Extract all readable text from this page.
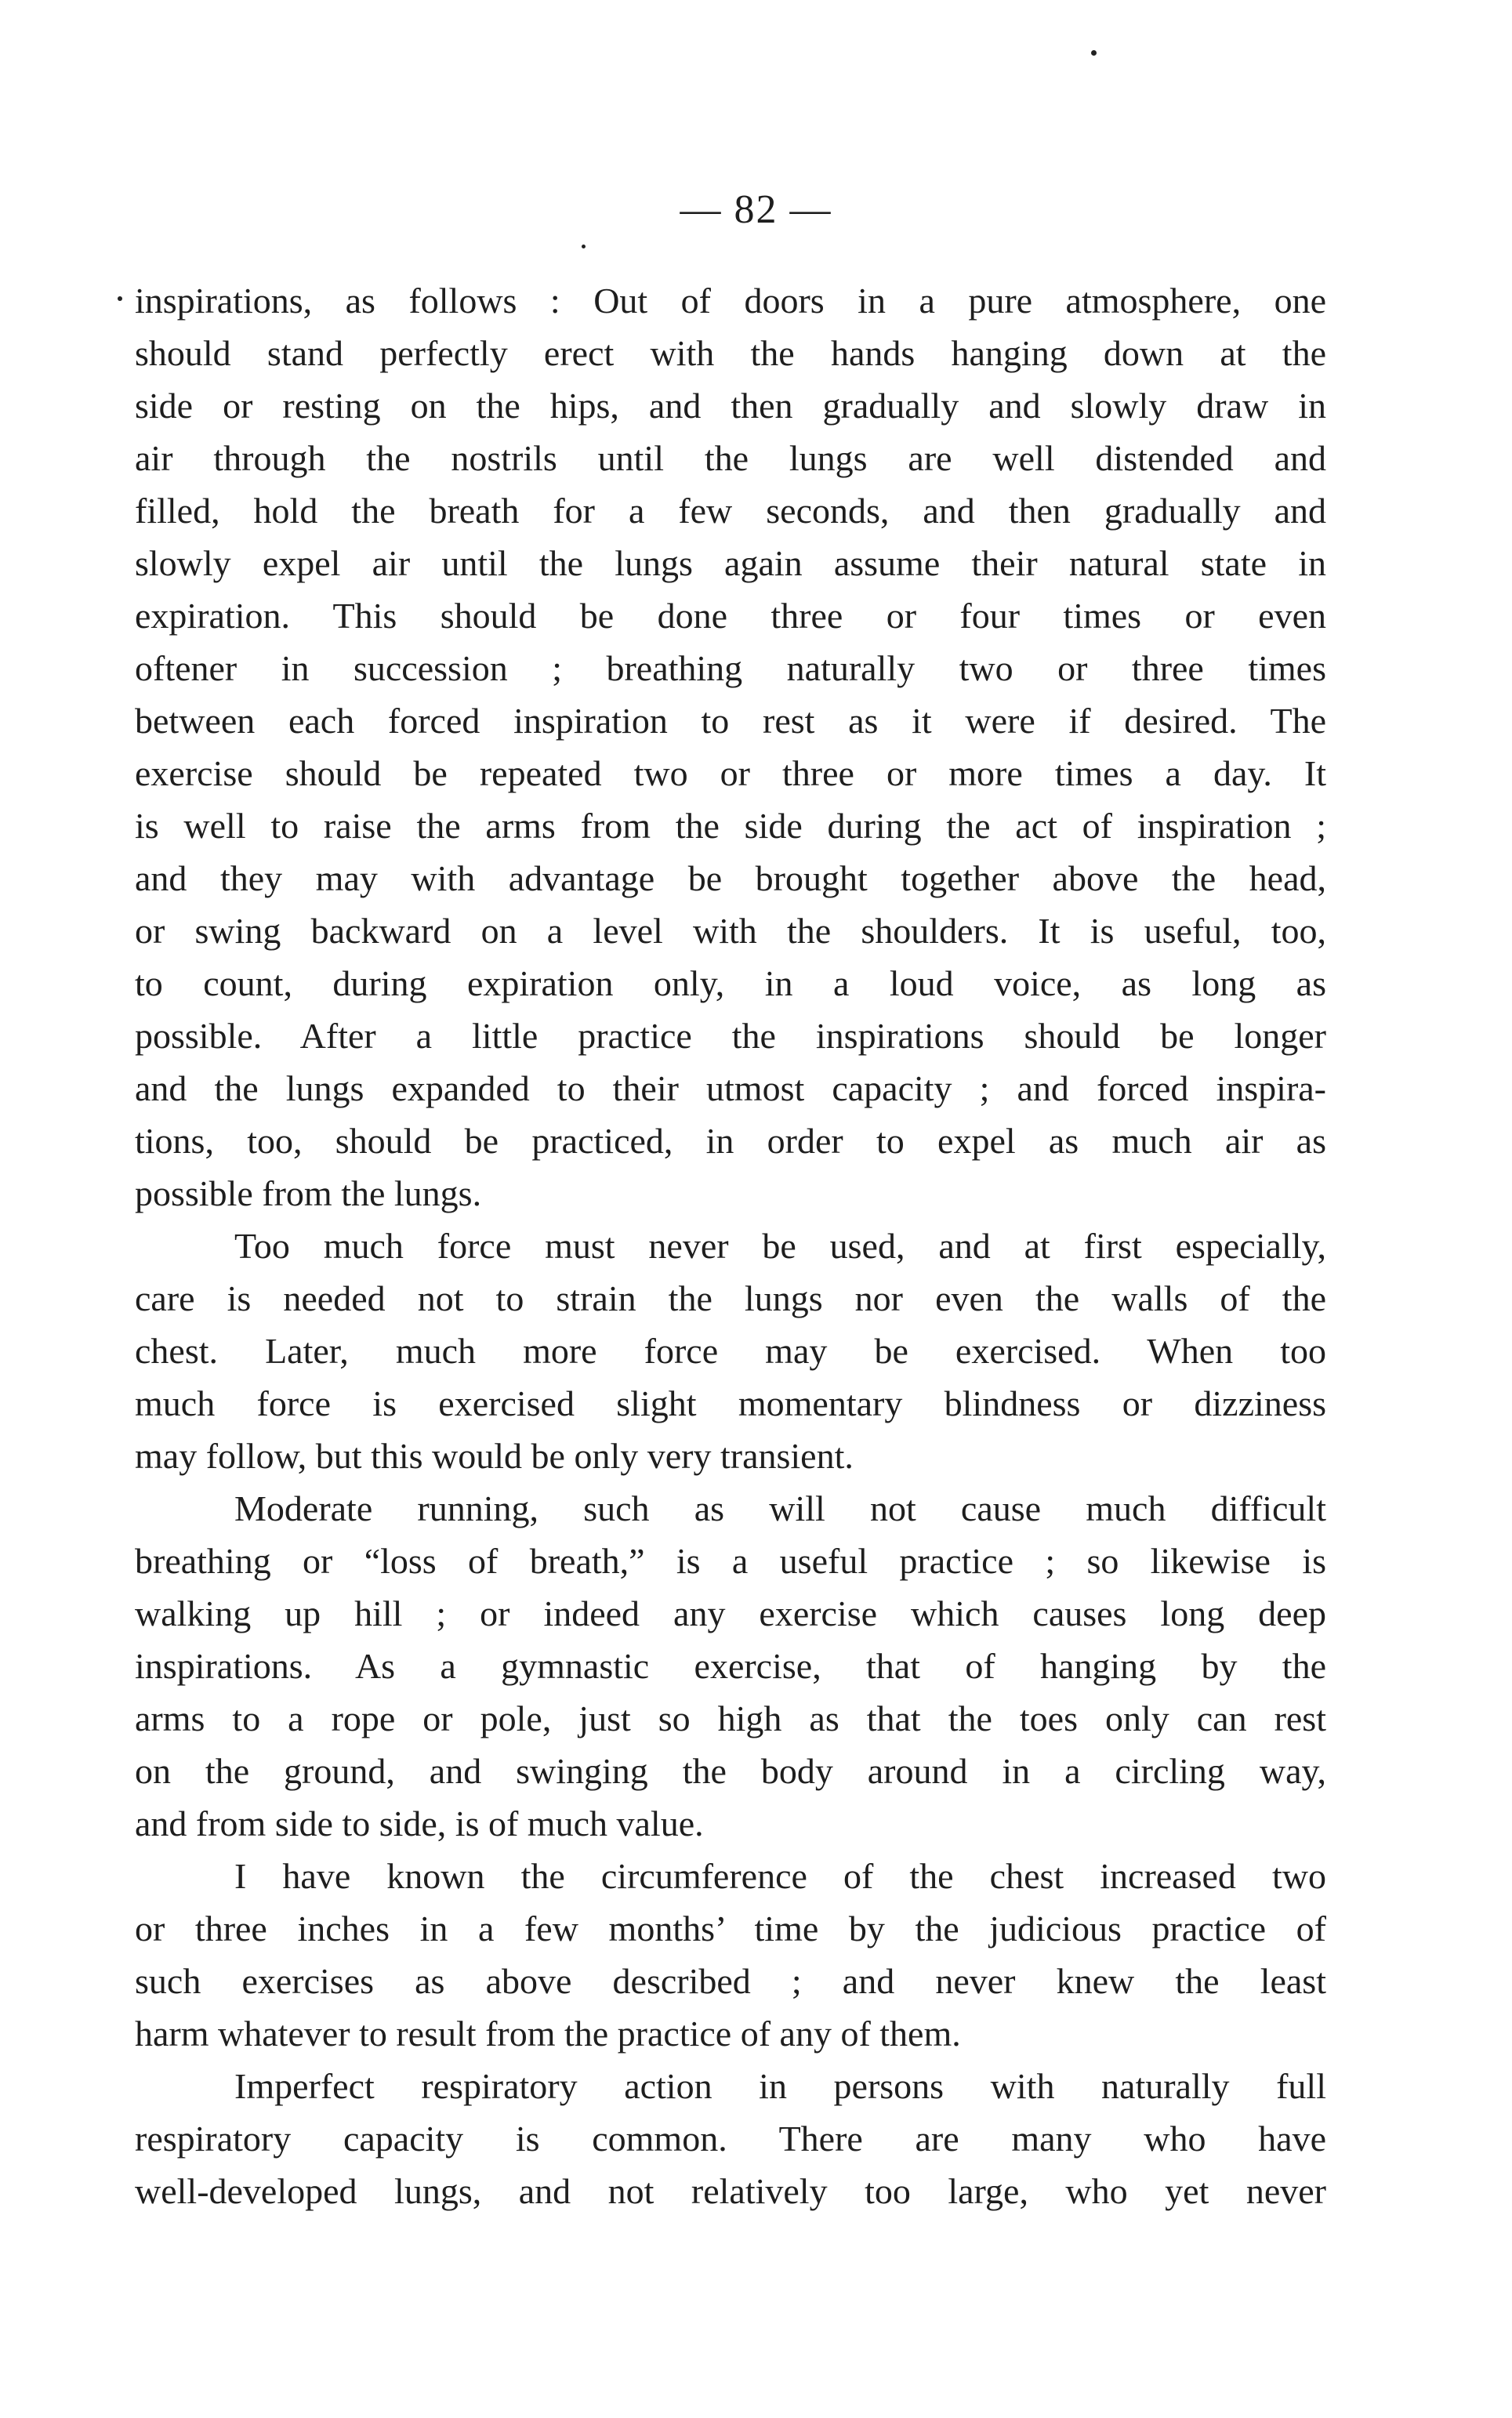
— 82 —
inspirations, as follows : Out of doors in a pure atmosphere, one
should stand perfectly erect with the hands hanging down at the
side or resting on the hips, and then gradually and slowly draw in
air through the nostrils until the lungs are well distended and
filled, hold the breath for a few seconds, and then gradually and
slowly expel air until the lungs again assume their natural state in
expiration. This should be done three or four times or even
oftener in succession ; breathing naturally two or three times
between each forced inspiration to rest as it were if desired. The
exercise should be repeated two or three or more times a day. It
is well to raise the arms from the side during the act of inspiration ;
and they may with advantage be brought together above the head,
or swing backward on a level with the shoulders. It is useful, too,
to count, during expiration only, in a loud voice, as long as
possible. After a little practice the inspirations should be longer
and the lungs expanded to their utmost capacity ; and forced inspira-
tions, too, should be practiced, in order to expel as much air as
possible from the lungs.
Too much force must never be used, and at first especially,
care is needed not to strain the lungs nor even the walls of the
chest. Later, much more force may be exercised. When too
much force is exercised slight momentary blindness or dizziness
may follow, but this would be only very transient.
Moderate running, such as will not cause much difficult
breathing or “loss of breath,” is a useful practice ; so likewise is
walking up hill ; or indeed any exercise which causes long deep
inspirations. As a gymnastic exercise, that of hanging by the
arms to a rope or pole, just so high as that the toes only can rest
on the ground, and swinging the body around in a circling way,
and from side to side, is of much value.
I have known the circumference of the chest increased two
or three inches in a few months’ time by the judicious practice of
such exercises as above described ; and never knew the least
harm whatever to result from the practice of any of them.
Imperfect respiratory action in persons with naturally full
respiratory capacity is common. There are many who have
well-developed lungs, and not relatively too large, who yet never
